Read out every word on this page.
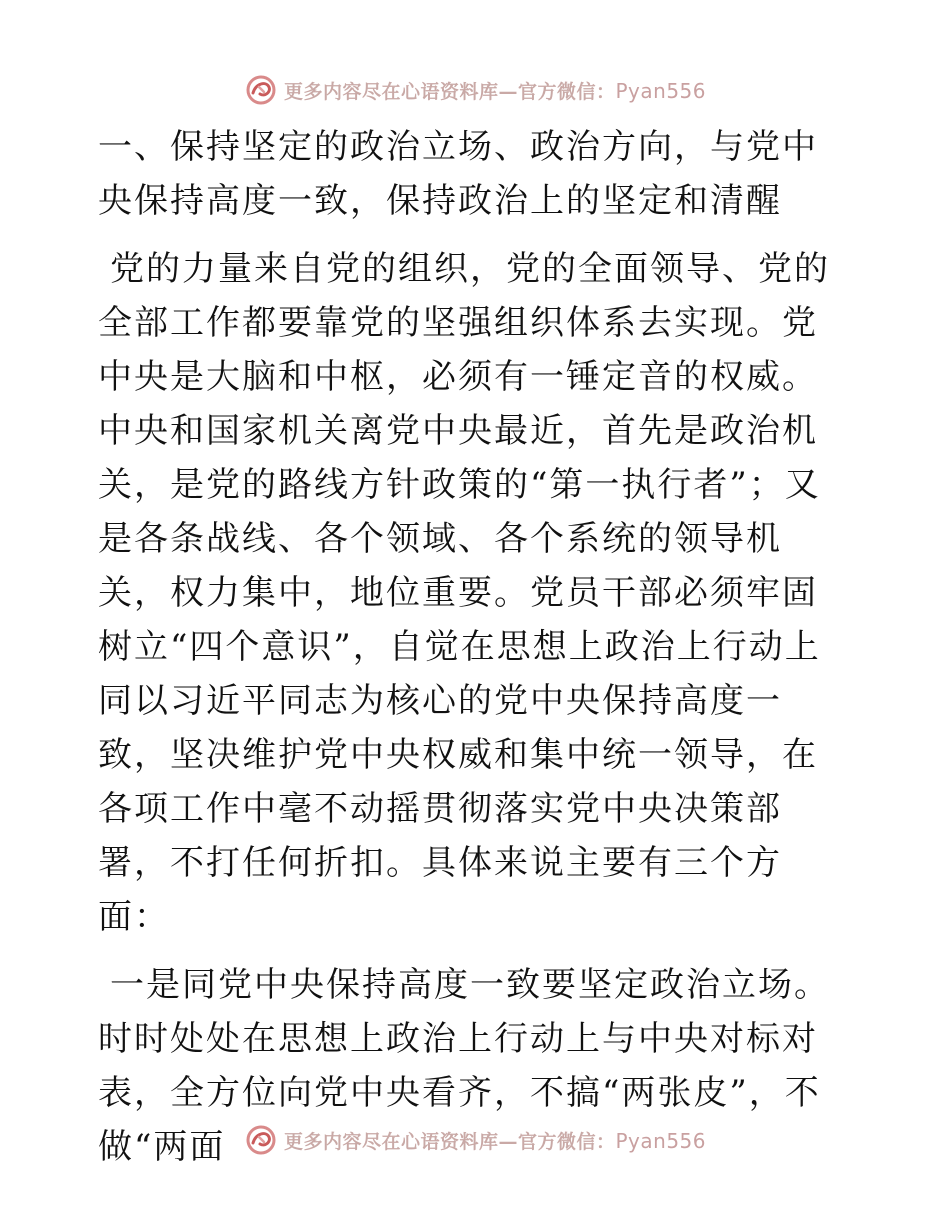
更多内容尽在心语资料库—官方微信：Pyan556

一、保持坚定的政治立场、政治方向，与党中央保持高度一致，保持政治上的坚定和清醒

党的力量来自党的组织，党的全面领导、党的全部工作都要靠党的坚强组织体系去实现。党中央是大脑和中枢，必须有一锤定音的权威。中央和国家机关离党中央最近，首先是政治机关，是党的路线方针政策的“第一执行者”；又是各条战线、各个领域、各个系统的领导机关，权力集中，地位重要。党员干部必须牢固树立“四个意识”，自觉在思想上政治上行动上同以习近平同志为核心的党中央保持高度一致，坚决维护党中央权威和集中统一领导，在各项工作中毫不动摇贯彻落实党中央决策部署，不打任何折扣。具体来说主要有三个方面：

一是同党中央保持高度一致要坚定政治立场。时时处处在思想上政治上行动上与中央对标对表，全方位向党中央看齐，不搞“两张皮”，不做“两面	更多内容尽在心语资料库—官方微信：Pyan556
